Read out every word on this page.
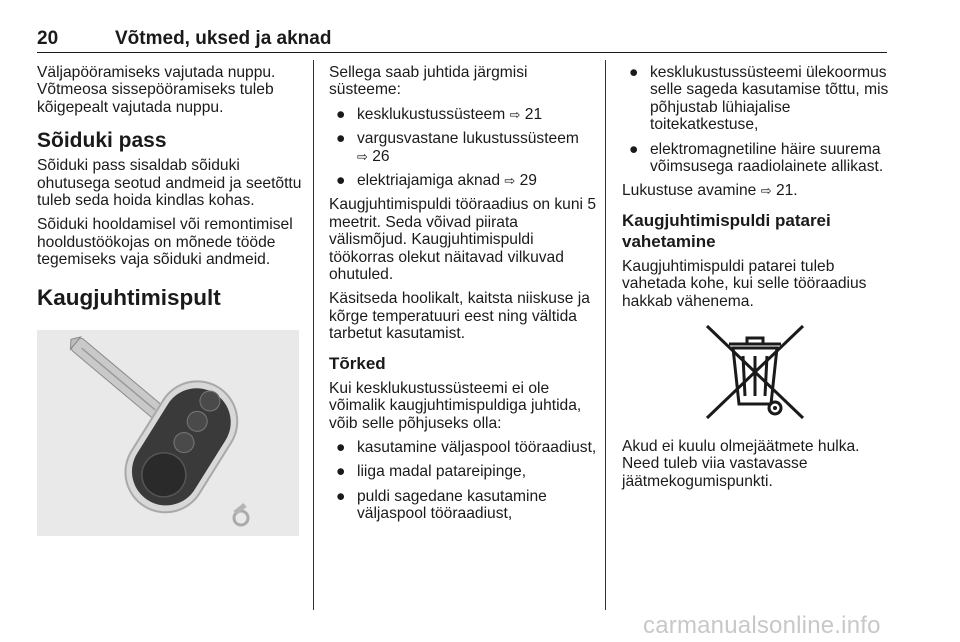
20	Võtmed, uksed ja aknad

Väljapööramiseks vajutada nuppu. Võtmeosa sissepööramiseks tuleb kõigepealt vajutada nuppu.

Sõiduki pass

Sõiduki pass sisaldab sõiduki ohutusega seotud andmeid ja seetõttu tuleb seda hoida kindlas kohas.

Sõiduki hooldamisel või remontimisel hooldustöökojas on mõnede tööde tegemiseks vaja sõiduki andmeid.

Kaugjuhtimispult

Sellega saab juhtida järgmisi süsteeme:

● kesklukustussüsteem ⇨ 21
● vargusvastane lukustussüsteem
⇨ 26
● elektriajamiga aknad ⇨ 29

Kaugjuhtimispuldi tööraadius on kuni 5 meetrit. Seda võivad piirata välismõjud. Kaugjuhtimispuldi töökorras olekut näitavad vilkuvad ohutuled.

Käsitseda hoolikalt, kaitsta niiskuse ja kõrge temperatuuri eest ning vältida tarbetut kasutamist.

Tõrked

Kui kesklukustussüsteemi ei ole võimalik kaugjuhtimispuldiga juhtida, võib selle põhjuseks olla:

● kasutamine väljaspool tööraadiust,
● liiga madal patareipinge,
● puldi sagedane kasutamine väljaspool tööraadiust,
● kesklukustussüsteemi ülekoormus selle sageda kasutamise tõttu, mis põhjustab lühiajalise toitekatkestuse,
● elektromagnetiline häire suurema võimsusega raadiolainete allikast.

Lukustuse avamine ⇨ 21.

Kaugjuhtimispuldi patarei vahetamine

Kaugjuhtimispuldi patarei tuleb vahetada kohe, kui selle tööraadius hakkab vähenema.

Akud ei kuulu olmejäätmete hulka. Need tuleb viia vastavasse jäätmekogumispunkti.

carmanualsonline.info
